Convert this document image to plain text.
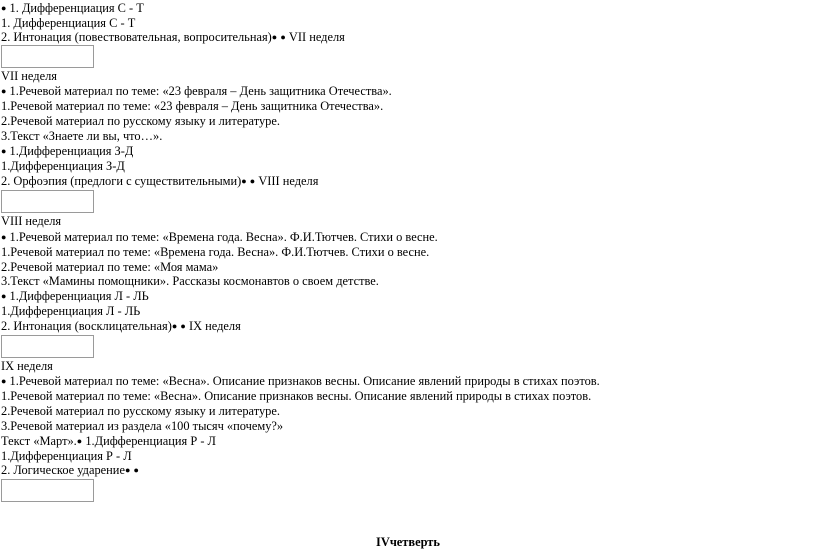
● 1. Дифференциация С - Т
1. Дифференциация С - Т
2. Интонация (повествовательная, вопросительная)● ● VII неделя
VII неделя
● 1.Речевой материал по теме: «23 февраля – День защитника Отечества».
1.Речевой материал по теме: «23 февраля – День защитника Отечества».
2.Речевой материал по русскому языку и литературе.
3.Текст «Знаете ли вы, что…».
● 1.Дифференциация З-Д
1.Дифференциация З-Д
2. Орфоэпия (предлоги с существительными)● ● VIII неделя
VIII неделя
● 1.Речевой материал по теме: «Времена года. Весна». Ф.И.Тютчев. Стихи о весне.
1.Речевой материал по теме: «Времена года. Весна». Ф.И.Тютчев. Стихи о весне.
2.Речевой материал по теме: «Моя мама»
3.Текст «Мамины помощники». Рассказы космонавтов о своем детстве.
● 1.Дифференциация Л - ЛЬ
1.Дифференциация Л - ЛЬ
2. Интонация (восклицательная)● ● IX неделя
IX неделя
● 1.Речевой материал по теме: «Весна». Описание признаков весны. Описание явлений природы в стихах поэтов.
1.Речевой материал по теме: «Весна». Описание признаков весны. Описание явлений природы в стихах поэтов.
2.Речевой материал по русскому языку и литературе.
3.Речевой материал из раздела «100 тысяч «почему?»
Текст «Март».● 1.Дифференциация Р - Л
1.Дифференциация Р - Л
2. Логическое ударение● ●
IVчетверть
